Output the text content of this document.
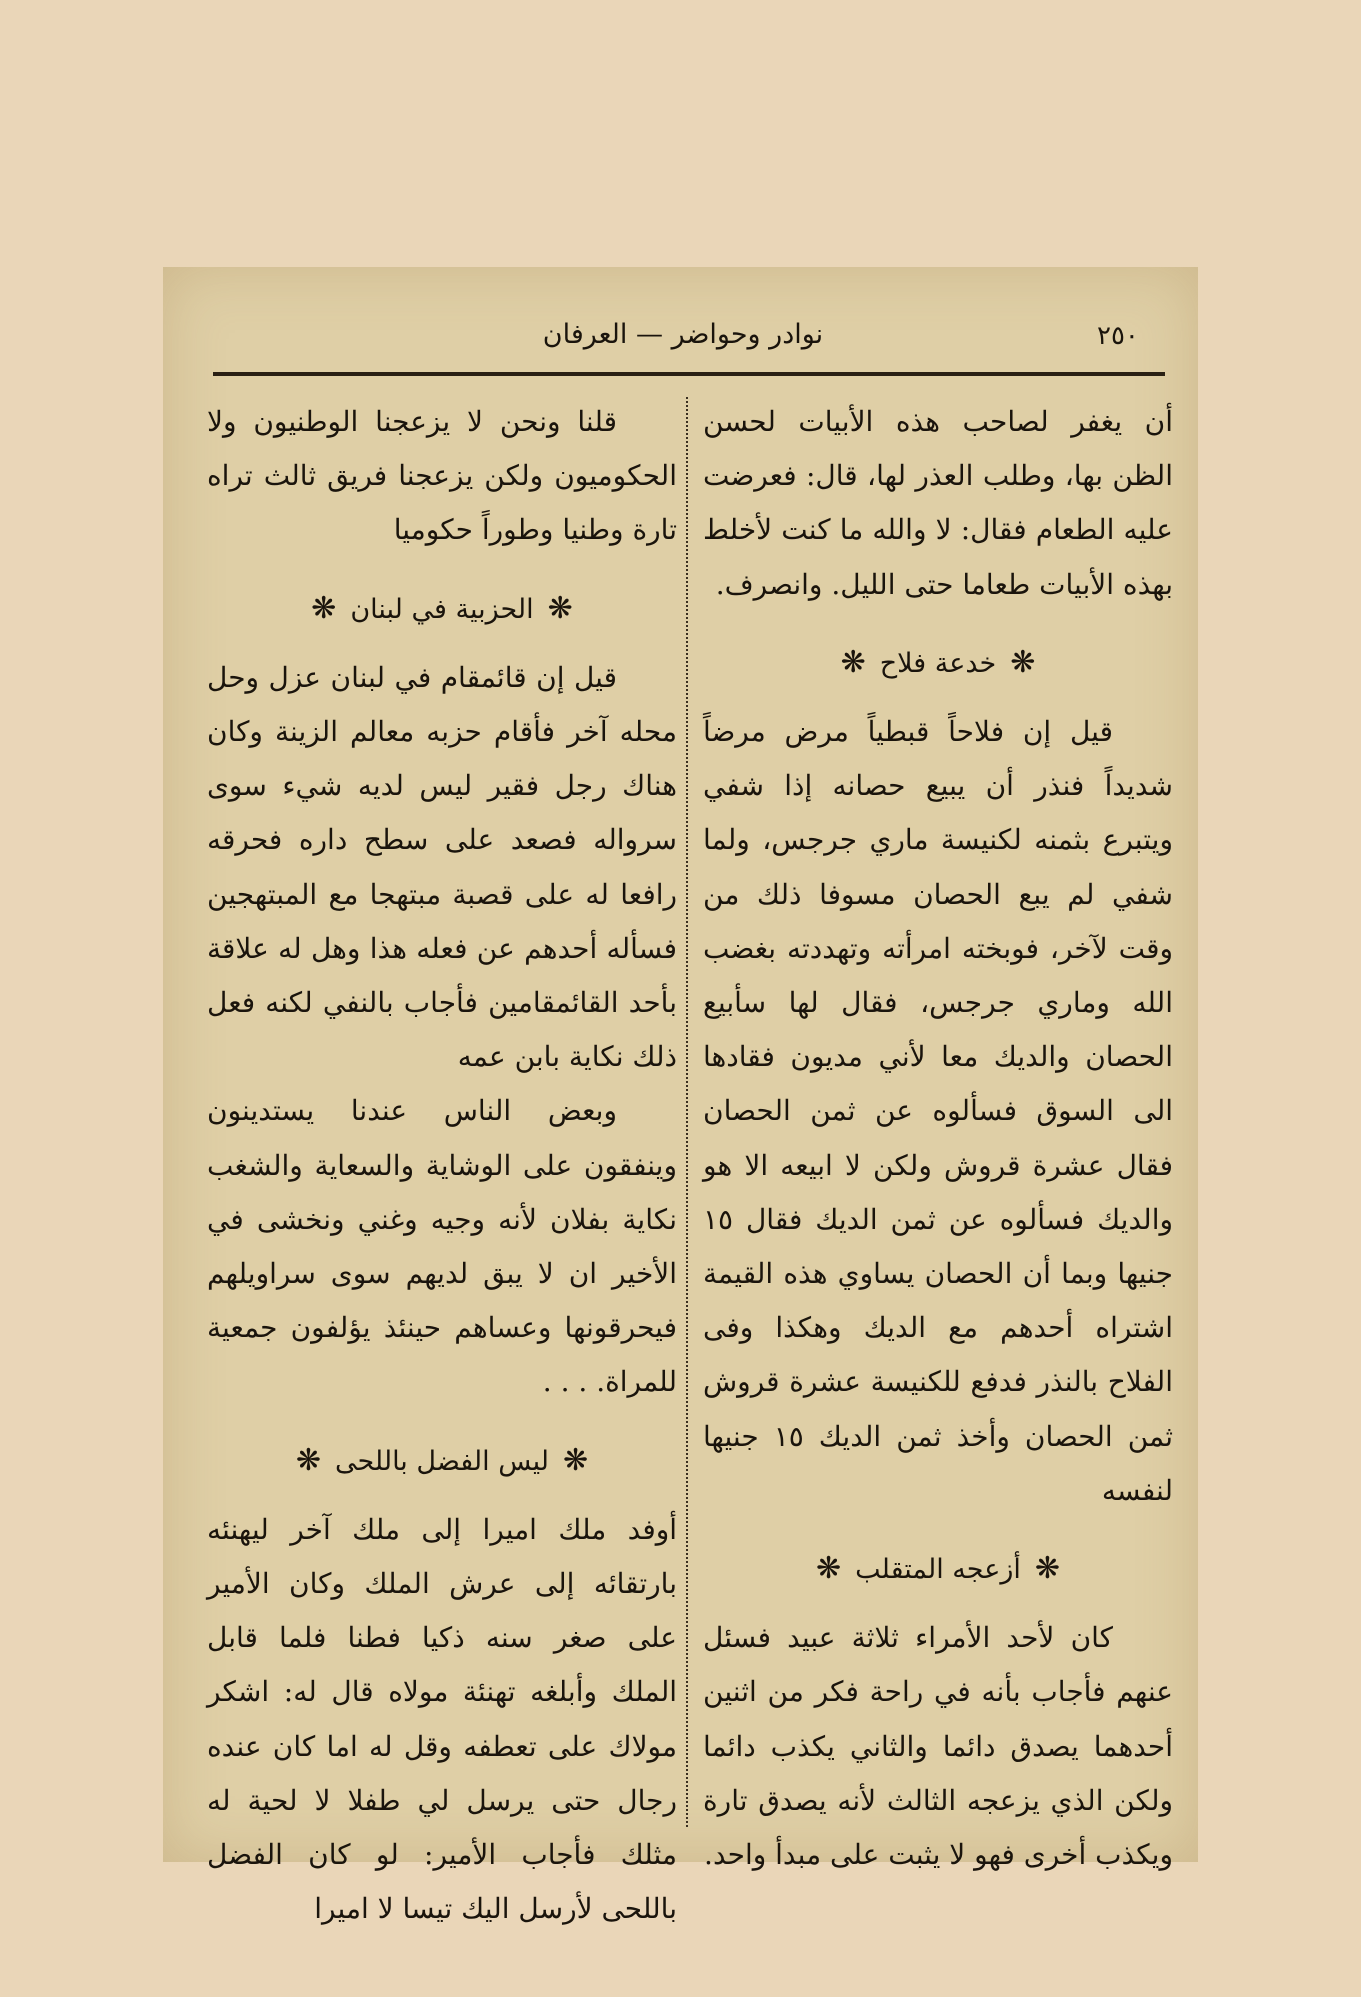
٢٥٠
نوادر وحواضر — العرفان

أن يغفر لصاحب هذه الأبيات لحسن الظن بها، وطلب العذر لها، قال: فعرضت عليه الطعام فقال: لا والله ما كنت لأخلط بهذه الأبيات طعاما حتى الليل. وانصرف.

❋خدعة فلاح❋

قيل إن فلاحاً قبطياً مرض مرضاً شديداً فنذر أن يبيع حصانه إذا شفي ويتبرع بثمنه لكنيسة ماري جرجس، ولما شفي لم يبع الحصان مسوفا ذلك من وقت لآخر، فوبخته امرأته وتهددته بغضب الله وماري جرجس، فقال لها سأبيع الحصان والديك معا لأني مديون فقادها الى السوق فسألوه عن ثمن الحصان فقال عشرة قروش ولكن لا ابيعه الا هو والديك فسألوه عن ثمن الديك فقال ١٥ جنيها وبما أن الحصان يساوي هذه القيمة اشتراه أحدهم مع الديك وهكذا وفى الفلاح بالنذر فدفع للكنيسة عشرة قروش ثمن الحصان وأخذ ثمن الديك ١٥ جنيها لنفسه

❋أزعجه المتقلب❋

كان لأحد الأمراء ثلاثة عبيد فسئل عنهم فأجاب بأنه في راحة فكر من اثنين أحدهما يصدق دائما والثاني يكذب دائما ولكن الذي يزعجه الثالث لأنه يصدق تارة ويكذب أخرى فهو لا يثبت على مبدأ واحد.

قلنا ونحن لا يزعجنا الوطنيون ولا الحكوميون ولكن يزعجنا فريق ثالث تراه تارة وطنيا وطوراً حكوميا

❋الحزبية في لبنان❋

قيل إن قائمقام في لبنان عزل وحل محله آخر فأقام حزبه معالم الزينة وكان هناك رجل فقير ليس لديه شيء سوى سرواله فصعد على سطح داره فحرقه رافعا له على قصبة مبتهجا مع المبتهجين فسأله أحدهم عن فعله هذا وهل له علاقة بأحد القائمقامين فأجاب بالنفي لكنه فعل ذلك نكاية بابن عمه

وبعض الناس عندنا يستدينون وينفقون على الوشاية والسعاية والشغب نكاية بفلان لأنه وجيه وغني ونخشى في الأخير ان لا يبق لديهم سوى سراويلهم فيحرقونها وعساهم حينئذ يؤلفون جمعية للمراة. . . .

❋ليس الفضل باللحى❋

أوفد ملك اميرا إلى ملك آخر ليهنئه بارتقائه إلى عرش الملك وكان الأمير على صغر سنه ذكيا فطنا فلما قابل الملك وأبلغه تهنئة مولاه قال له: اشكر مولاك على تعطفه وقل له اما كان عنده رجال حتى يرسل لي طفلا لا لحية له مثلك فأجاب الأمير: لو كان الفضل باللحى لأرسل اليك تيسا لا اميرا
